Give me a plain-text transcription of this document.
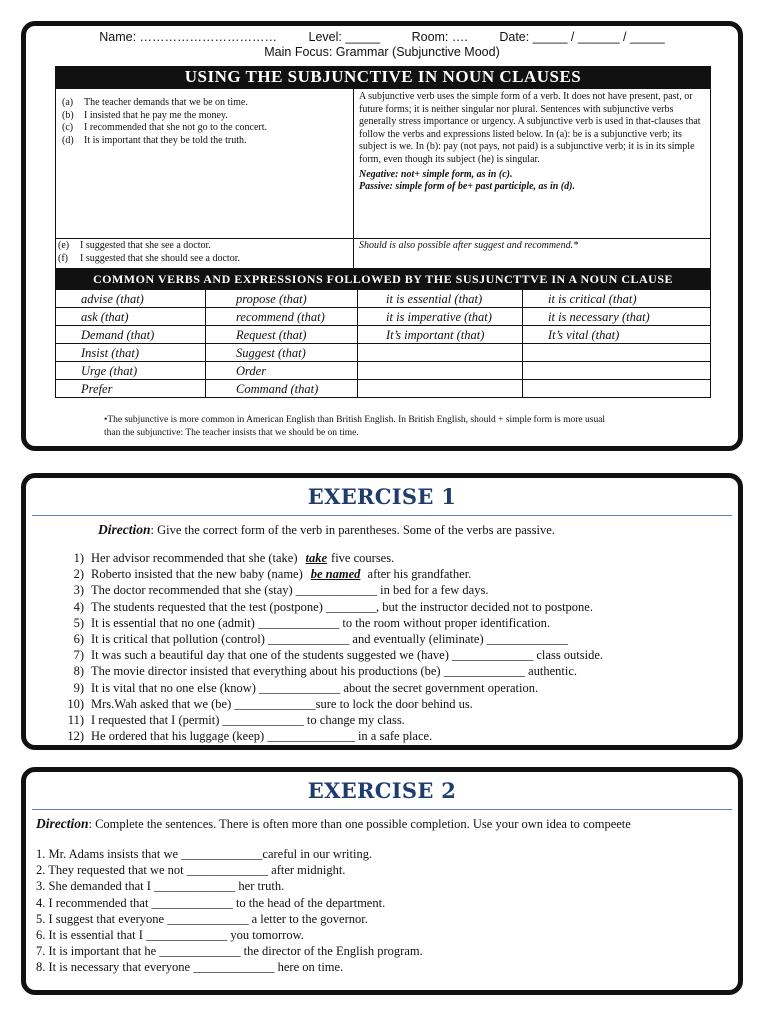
Name: ……………………………	Level: _____	Room: ….	Date: _____ / ______ / _____
Main Focus: Grammar (Subjunctive Mood)
USING THE SUBJUNCTIVE IN NOUN CLAUSES
(a)	The teacher demands that we be on time.
(b)	I insisted that he pay me the money.
(c)	I recommended that she not go to the concert.
(d)	It is important that they be told the truth.
A subjunctive verb uses the simple form of a verb. It does not have present, past, or future forms; it is neither singular nor plural. Sentences with subjunctive verbs generally stress importance or urgency. A subjunctive verb is used in that-clauses that follow the verbs and expressions listed below. In (a): be is a subjunctive verb; its subject is we. In (b): pay (not pays, not paid) is a subjunctive verb; it is in its simple form, even though its subject (he) is singular.
Negative: not+ simple form, as in (c).
Passive: simple form of be+ past participle, as in (d).
(e)	I suggested that she see a doctor.
(f)	I suggested that she should see a doctor.
Should is also possible after suggest and recommend.*
COMMON VERBS AND EXPRESSIONS FOLLOWED BY THE SUSJUNCTTVE IN A NOUN CLAUSE
advise (that)	propose (that)	it is essential (that)	it is critical (that)
ask (that)	recommend (that)	it is imperative (that)	it is necessary (that)
Demand (that)	Request (that)	It’s important (that)	It’s vital (that)
Insist (that)	Suggest (that)		
Urge (that)	Order		
Prefer	Command (that)		
•The subjunctive is more common in American English than British English. In British English, should + simple form is more usual
than the subjunctive: The teacher insists that we should be on time.
EXERCISE 1
Direction: Give the correct form of the verb in parentheses. Some of the verbs are passive.
1) Her advisor recommended that she (take) take five courses.
2) Roberto insisted that the new baby (name) be named after his grandfather.
3) The doctor recommended that she (stay) _____________ in bed for a few days.
4) The students requested that the test (postpone) ________, but the instructor decided not to postpone.
5) It is essential that no one (admit) _____________ to the room without proper identification.
6) It is critical that pollution (control) _____________ and eventually (eliminate) _____________
7) It was such a beautiful day that one of the students suggested we (have) _____________ class outside.
8) The movie director insisted that everything about his productions (be) _____________ authentic.
9) It is vital that no one else (know) _____________ about the secret government operation.
10) Mrs.Wah asked that we (be) _____________sure to lock the door behind us.
11) I requested that I (permit) _____________ to change my class.
12) He ordered that his luggage (keep) ______________ in a safe place.
EXERCISE 2
Direction: Complete the sentences. There is often more than one possible completion. Use your own idea to compeete
1. Mr. Adams insists that we _____________careful in our writing.
2. They requested that we not _____________ after midnight.
3. She demanded that I _____________ her truth.
4. I recommended that _____________ to the head of the department.
5. I suggest that everyone _____________ a letter to the governor.
6. It is essential that I _____________ you tomorrow.
7. It is important that he _____________ the director of the English program.
8. It is necessary that everyone _____________ here on time.
